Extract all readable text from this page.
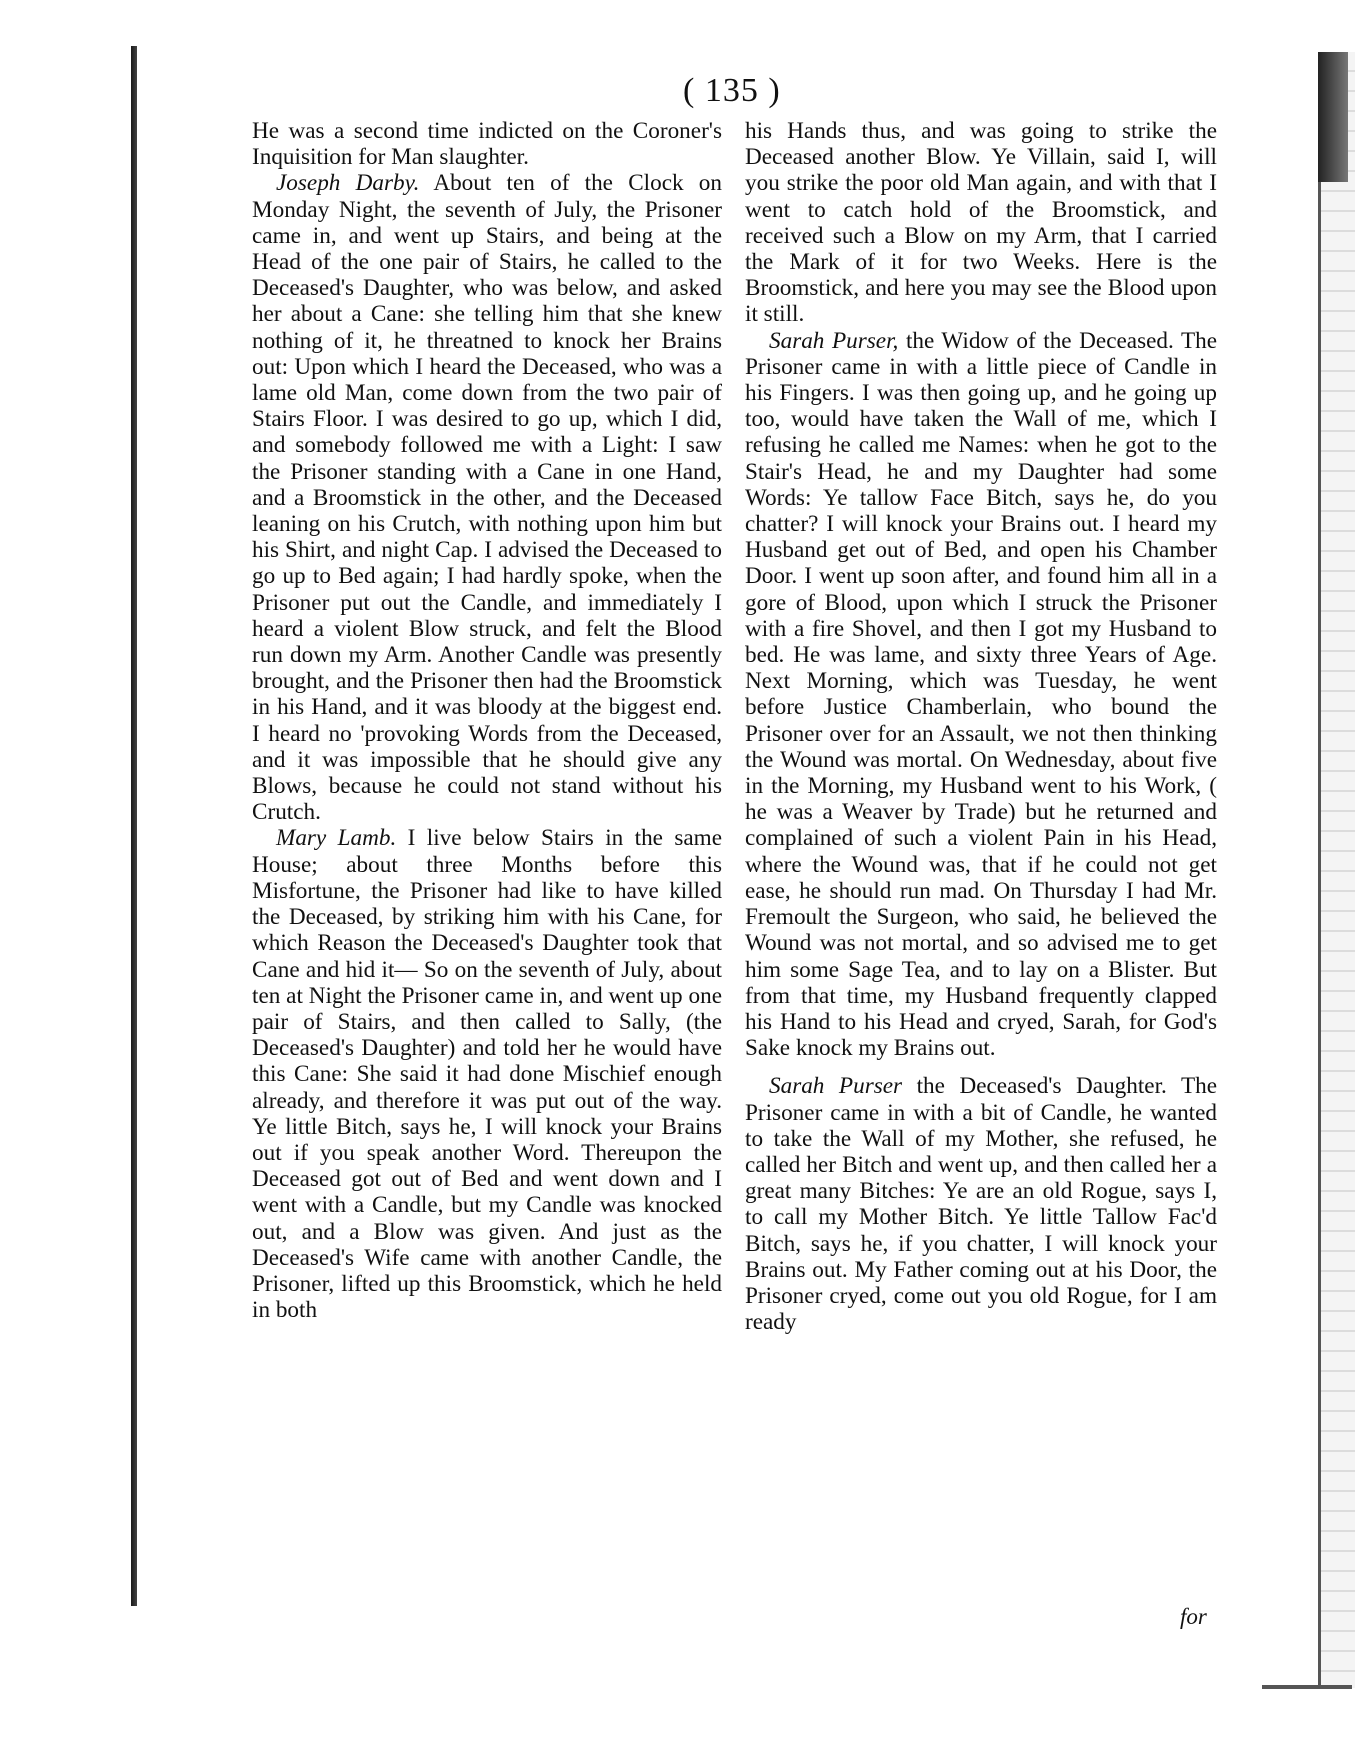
( 135 )

He was a second time indicted on the Coroner's Inquisition for Man slaughter.

Joseph Darby. About ten of the Clock on Monday Night, the seventh of July, the Prisoner came in, and went up Stairs, and being at the Head of the one pair of Stairs, he called to the Deceased's Daughter, who was below, and asked her about a Cane: she telling him that she knew nothing of it, he threatned to knock her Brains out: Upon which I heard the Deceased, who was a lame old Man, come down from the two pair of Stairs Floor. I was desired to go up, which I did, and somebody followed me with a Light: I saw the Prisoner standing with a Cane in one Hand, and a Broomstick in the other, and the Deceased leaning on his Crutch, with nothing upon him but his Shirt, and night Cap. I advised the Deceased to go up to Bed again; I had hardly spoke, when the Prisoner put out the Candle, and immediately I heard a violent Blow struck, and felt the Blood run down my Arm. Another Candle was presently brought, and the Prisoner then had the Broomstick in his Hand, and it was bloody at the biggest end. I heard no 'provoking Words from the Deceased, and it was impossible that he should give any Blows, because he could not stand without his Crutch.

Mary Lamb. I live below Stairs in the same House; about three Months before this Misfortune, the Prisoner had like to have killed the Deceased, by striking him with his Cane, for which Reason the Deceased's Daughter took that Cane and hid it— So on the seventh of July, about ten at Night the Prisoner came in, and went up one pair of Stairs, and then called to Sally, (the Deceased's Daughter) and told her he would have this Cane: She said it had done Mischief enough already, and therefore it was put out of the way. Ye little Bitch, says he, I will knock your Brains out if you speak another Word. Thereupon the Deceased got out of Bed and went down and I went with a Candle, but my Candle was knocked out, and a Blow was given. And just as the Deceased's Wife came with another Candle, the Prisoner, lifted up this Broomstick, which he held in both

his Hands thus, and was going to strike the Deceased another Blow. Ye Villain, said I, will you strike the poor old Man again, and with that I went to catch hold of the Broomstick, and received such a Blow on my Arm, that I carried the Mark of it for two Weeks. Here is the Broomstick, and here you may see the Blood upon it still.

Sarah Purser, the Widow of the Deceased. The Prisoner came in with a little piece of Candle in his Fingers. I was then going up, and he going up too, would have taken the Wall of me, which I refusing he called me Names: when he got to the Stair's Head, he and my Daughter had some Words: Ye tallow Face Bitch, says he, do you chatter? I will knock your Brains out. I heard my Husband get out of Bed, and open his Chamber Door. I went up soon after, and found him all in a gore of Blood, upon which I struck the Prisoner with a fire Shovel, and then I got my Husband to bed. He was lame, and sixty three Years of Age. Next Morning, which was Tuesday, he went before Justice Chamberlain, who bound the Prisoner over for an Assault, we not then thinking the Wound was mortal. On Wednesday, about five in the Morning, my Husband went to his Work, ( he was a Weaver by Trade) but he returned and complained of such a violent Pain in his Head, where the Wound was, that if he could not get ease, he should run mad. On Thursday I had Mr. Fremoult the Surgeon, who said, he believed the Wound was not mortal, and so advised me to get him some Sage Tea, and to lay on a Blister. But from that time, my Husband frequently clapped his Hand to his Head and cryed, Sarah, for God's Sake knock my Brains out.

Sarah Purser the Deceased's Daughter. The Prisoner came in with a bit of Candle, he wanted to take the Wall of my Mother, she refused, he called her Bitch and went up, and then called her a great many Bitches: Ye are an old Rogue, says I, to call my Mother Bitch. Ye little Tallow Fac'd Bitch, says he, if you chatter, I will knock your Brains out. My Father coming out at his Door, the Prisoner cryed, come out you old Rogue, for I am ready

for
